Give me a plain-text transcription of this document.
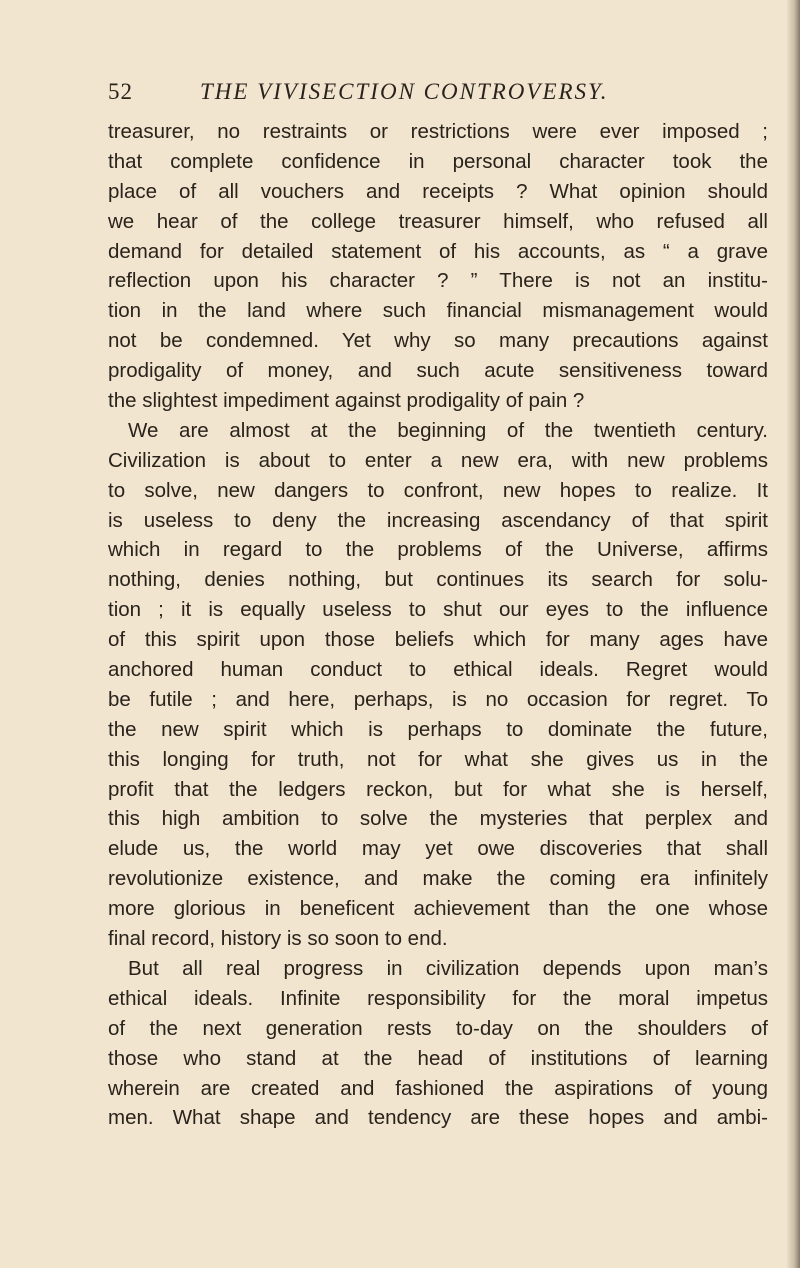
52	THE VIVISECTION CONTROVERSY.
treasurer, no restraints or restrictions were ever imposed ;
that complete confidence in personal character took the
place of all vouchers and receipts ? What opinion should
we hear of the college treasurer himself, who refused all
demand for detailed statement of his accounts, as “ a grave
reflection upon his character ? ” There is not an institu-
tion in the land where such financial mismanagement would
not be condemned. Yet why so many precautions against
prodigality of money, and such acute sensitiveness toward
the slightest impediment against prodigality of pain ?
We are almost at the beginning of the twentieth century.
Civilization is about to enter a new era, with new problems
to solve, new dangers to confront, new hopes to realize. It
is useless to deny the increasing ascendancy of that spirit
which in regard to the problems of the Universe, affirms
nothing, denies nothing, but continues its search for solu-
tion ; it is equally useless to shut our eyes to the influence
of this spirit upon those beliefs which for many ages have
anchored human conduct to ethical ideals. Regret would
be futile ; and here, perhaps, is no occasion for regret. To
the new spirit which is perhaps to dominate the future,
this longing for truth, not for what she gives us in the
profit that the ledgers reckon, but for what she is herself,
this high ambition to solve the mysteries that perplex and
elude us, the world may yet owe discoveries that shall
revolutionize existence, and make the coming era infinitely
more glorious in beneficent achievement than the one whose
final record, history is so soon to end.
But all real progress in civilization depends upon man’s
ethical ideals. Infinite responsibility for the moral impetus
of the next generation rests to-day on the shoulders of
those who stand at the head of institutions of learning
wherein are created and fashioned the aspirations of young
men. What shape and tendency are these hopes and ambi-
